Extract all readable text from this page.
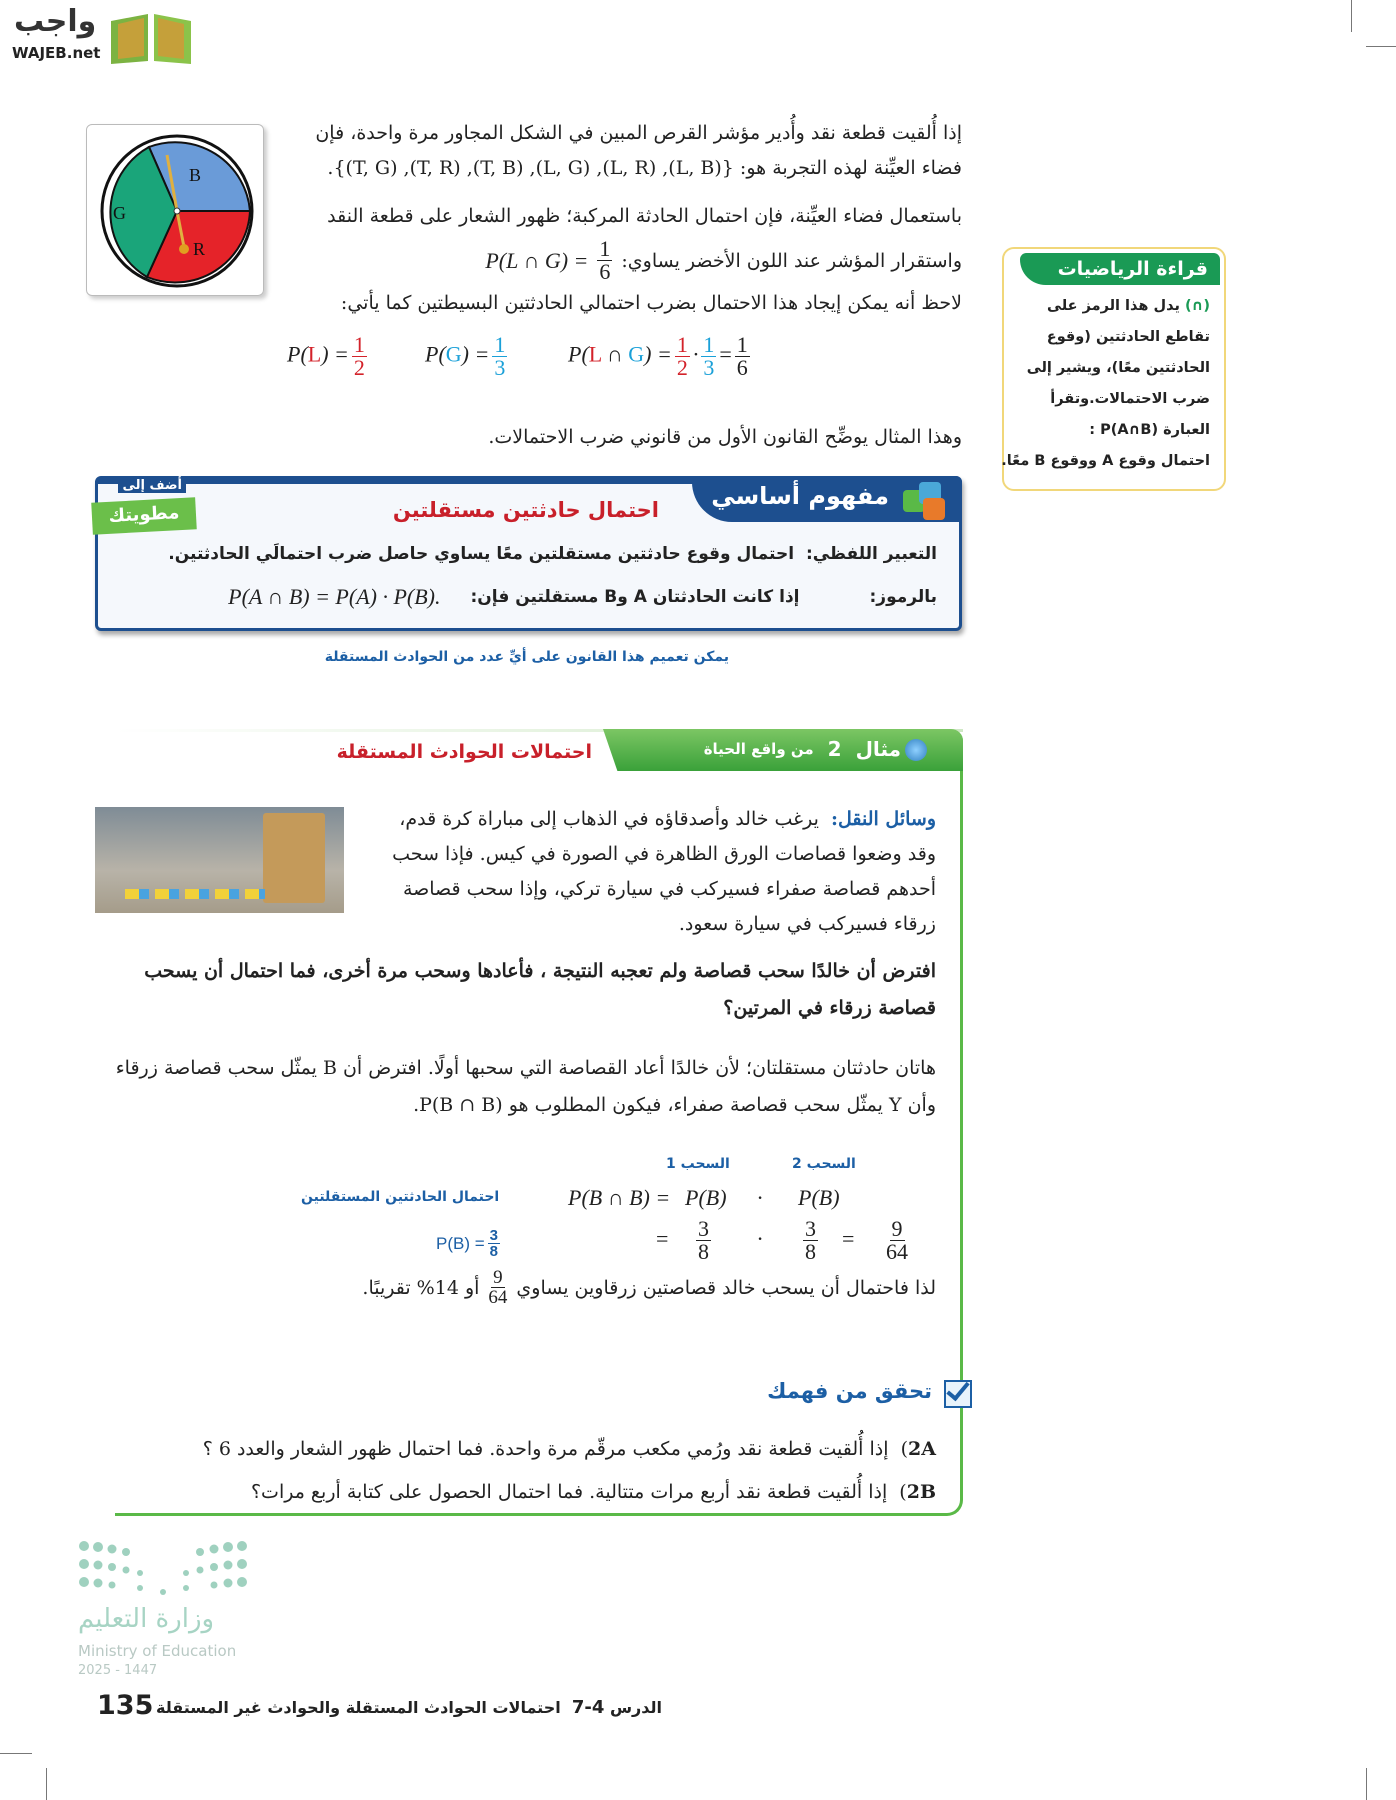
واجب
WAJEB.net
B
G
R
إذا أُلقيت قطعة نقد وأُدير مؤشر القرص المبين في الشكل المجاور مرة واحدة، فإن
فضاء العيِّنة لهذه التجربة هو: {(L, B), (L, R), (L, G), (T, B), (T, R), (T, G)}.
باستعمال فضاء العيِّنة، فإن احتمال الحادثة المركبة؛ ظهور الشعار على قطعة النقد
P(L ∩ $G) = \frac{1}{6}$ واستقرار المؤشر عند اللون الأخضر يساوي:
لاحظ أنه يمكن إيجاد هذا الاحتمال بضرب احتمالي الحادثتين البسيطتين كما يأتي:
$P(L) = \frac{1}{2}$	$P(G) = \frac{1}{3}$	P(L ∩ $G) = \frac{1}{2} \cdot \frac{1}{3} = \frac{1}{6}$
وهذا المثال يوضِّح القانون الأول من قانوني ضرب الاحتمالات.
قراءة الرياضيات
(∩) يدل هذا الرمز على
تقاطع الحادثتين (وقوع
الحادثتين معًا)، ويشير إلى
ضرب الاحتمالات.وتقرأ
العبارة P(A∩B) :
احتمال وقوع A ووقوع B معًا.
مفهوم أساسي
احتمال حادثتين مستقلتين
أضف إلى
مطويتك
التعبير اللفظي:  احتمال وقوع حادثتين مستقلتين معًا يساوي حاصل ضرب احتمالَي الحادثتين.
بالرموز:
إذا كانت الحادثتان A وB مستقلتين فإن:
P(A ∩ B) = P(A) · P(B).
يمكن تعميم هذا القانون على أيِّ عدد من الحوادث المستقلة
مثال
2
من واقع الحياة
احتمالات الحوادث المستقلة
وسائل النقل:  يرغب خالد وأصدقاؤه في الذهاب إلى مباراة كرة قدم،
وقد وضعوا قصاصات الورق الظاهرة في الصورة في كيس. فإذا سحب
أحدهم قصاصة صفراء فسيركب في سيارة تركي، وإذا سحب قصاصة
زرقاء فسيركب في سيارة سعود.
افترض أن خالدًا سحب قصاصة ولم تعجبه النتيجة ، فأعادها وسحب مرة أخرى، فما احتمال أن يسحب
قصاصة زرقاء في المرتين؟
هاتان حادثتان مستقلتان؛ لأن خالدًا أعاد القصاصة التي سحبها أولًا. افترض أن B يمثّل سحب قصاصة زرقاء
وأن Y يمثّل سحب قصاصة صفراء، فيكون المطلوب هو P(B ∩ B).
السحب 1	السحب 2
P(B ∩ B) = P(B) · P(B)
احتمال الحادثتين المستقلتين
= $\frac{3}{8} \cdot \frac{3}{8} = \frac{9}{64}$
$P(B) = \frac{3}{8}$
أو 14% تقريبًا. $\frac{9}{64}$ لذا فاحتمال أن يسحب خالد قصاصتين زرقاوين يساوي
تحقق من فهمك
2A)  إذا أُلقيت قطعة نقد ورُمي مكعب مرقّم مرة واحدة. فما احتمال ظهور الشعار والعدد 6 ؟
2B)  إذا أُلقيت قطعة نقد أربع مرات متتالية. فما احتمال الحصول على كتابة أربع مرات؟
وزارة التعليم
Ministry of Education
2025 - 1447
135	الدرس 7-4  احتمالات الحوادث المستقلة والحوادث غير المستقلة
